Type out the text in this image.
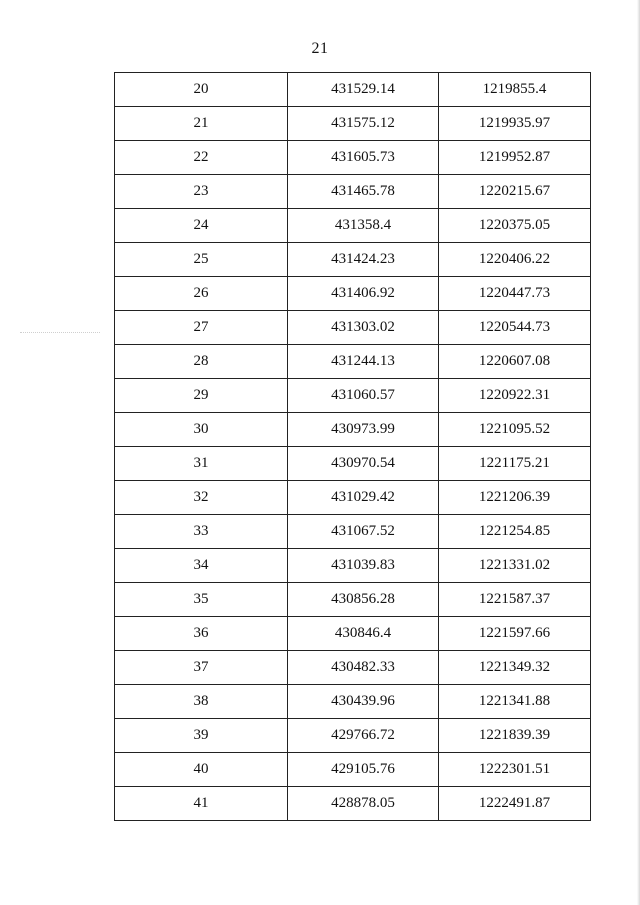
21
20	431529.14	1219855.4
21	431575.12	1219935.97
22	431605.73	1219952.87
23	431465.78	1220215.67
24	431358.4	1220375.05
25	431424.23	1220406.22
26	431406.92	1220447.73
27	431303.02	1220544.73
28	431244.13	1220607.08
29	431060.57	1220922.31
30	430973.99	1221095.52
31	430970.54	1221175.21
32	431029.42	1221206.39
33	431067.52	1221254.85
34	431039.83	1221331.02
35	430856.28	1221587.37
36	430846.4	1221597.66
37	430482.33	1221349.32
38	430439.96	1221341.88
39	429766.72	1221839.39
40	429105.76	1222301.51
41	428878.05	1222491.87
